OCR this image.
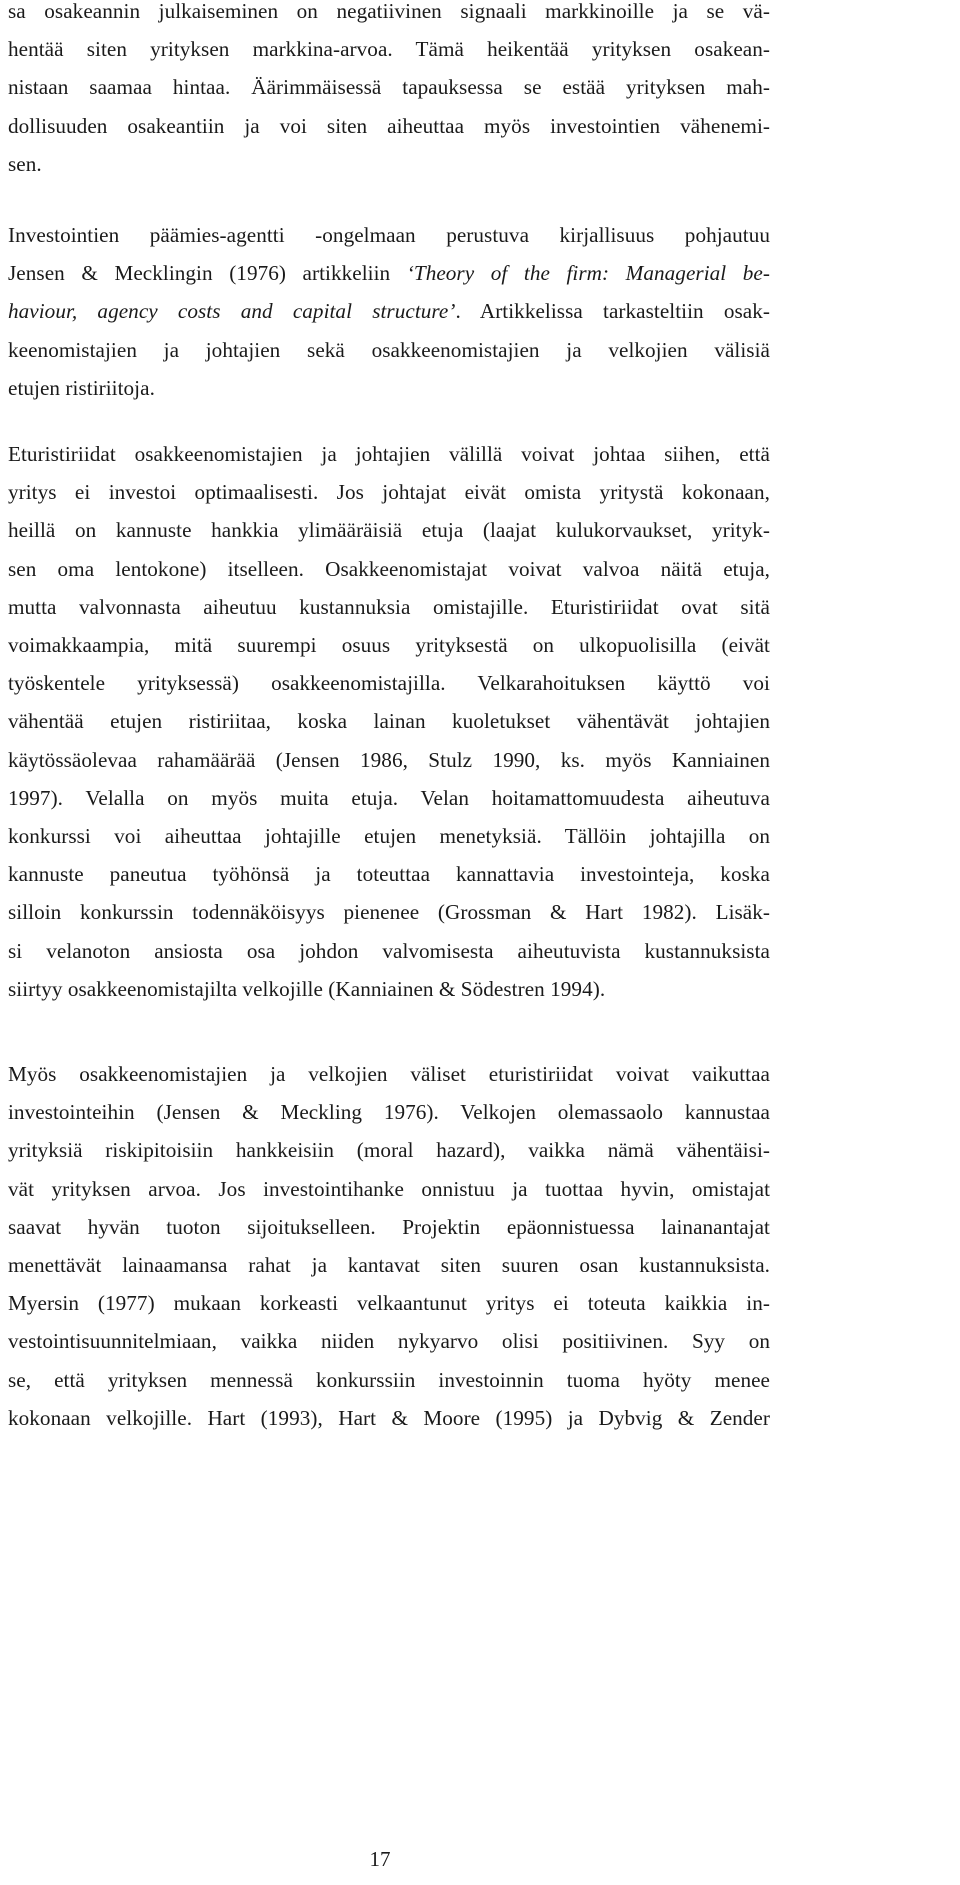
sa osakeannin julkaiseminen on negatiivinen signaali markkinoille ja se vä-
hentää siten yrityksen markkina-arvoa. Tämä heikentää yrityksen osakean-
nistaan saamaa hintaa. Äärimmäisessä tapauksessa se estää yrityksen mah-
dollisuuden osakeantiin ja voi siten aiheuttaa myös investointien vähenemi-
sen.
Investointien päämies-agentti -ongelmaan perustuva kirjallisuus pohjautuu
Jensen & Mecklingin (1976) artikkeliin ‘Theory of the firm: Managerial be-
haviour, agency costs and capital structure’. Artikkelissa tarkasteltiin osak-
keenomistajien ja johtajien sekä osakkeenomistajien ja velkojien välisiä
etujen ristiriitoja.
Eturistiriidat osakkeenomistajien ja johtajien välillä voivat johtaa siihen, että
yritys ei investoi optimaalisesti. Jos johtajat eivät omista yritystä kokonaan,
heillä on kannuste hankkia ylimääräisiä etuja (laajat kulukorvaukset, yrityk-
sen oma lentokone) itselleen. Osakkeenomistajat voivat valvoa näitä etuja,
mutta valvonnasta aiheutuu kustannuksia omistajille. Eturistiriidat ovat sitä
voimakkaampia, mitä suurempi osuus yrityksestä on ulkopuolisilla (eivät
työskentele yrityksessä) osakkeenomistajilla. Velkarahoituksen käyttö voi
vähentää etujen ristiriitaa, koska lainan kuoletukset vähentävät johtajien
käytössäolevaa rahamäärää (Jensen 1986, Stulz 1990, ks. myös Kanniainen
1997). Velalla on myös muita etuja. Velan hoitamattomuudesta aiheutuva
konkurssi voi aiheuttaa johtajille etujen menetyksiä. Tällöin johtajilla on
kannuste paneutua työhönsä ja toteuttaa kannattavia investointeja, koska
silloin konkurssin todennäköisyys pienenee (Grossman & Hart 1982). Lisäk-
si velanoton ansiosta osa johdon valvomisesta aiheutuvista kustannuksista
siirtyy osakkeenomistajilta velkojille (Kanniainen & Södestren 1994).
Myös osakkeenomistajien ja velkojien väliset eturistiriidat voivat vaikuttaa
investointeihin (Jensen & Meckling 1976). Velkojen olemassaolo kannustaa
yrityksiä riskipitoisiin hankkeisiin (moral hazard), vaikka nämä vähentäisi-
vät yrityksen arvoa. Jos investointihanke onnistuu ja tuottaa hyvin, omistajat
saavat hyvän tuoton sijoitukselleen. Projektin epäonnistuessa lainanantajat
menettävät lainaamansa rahat ja kantavat siten suuren osan kustannuksista.
Myersin (1977) mukaan korkeasti velkaantunut yritys ei toteuta kaikkia in-
vestointisuunnitelmiaan, vaikka niiden nykyarvo olisi positiivinen. Syy on
se, että yrityksen mennessä konkurssiin investoinnin tuoma hyöty menee
kokonaan velkojille. Hart (1993), Hart & Moore (1995) ja Dybvig & Zender
17
